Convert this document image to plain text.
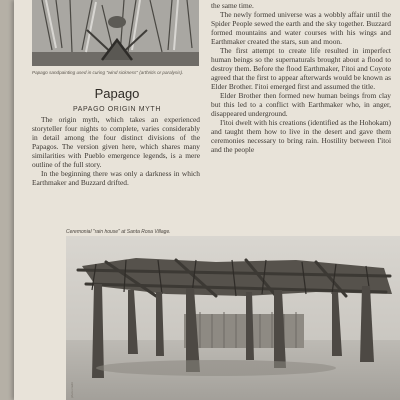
Papago sandpainting used in curing "wind sickness" (arthritis or paralysis).
Papago
PAPAGO ORIGIN MYTH

The origin myth, which takes an experienced storyteller four nights to complete, varies considerably in detail among the four distinct divisions of the Papagos. The version given here, which shares many similarities with Pueblo emergence legends, is a mere outline of the full story.

In the beginning there was only a darkness in which Earthmaker and Buzzard drifted.

the same time.

The newly formed universe was a wobbly affair until the Spider People sewed the earth and the sky together. Buzzard formed mountains and water courses with his wings and Earthmaker created the stars, sun and moon.

The first attempt to create life resulted in imperfect human beings so the supernaturals brought about a flood to destroy them. Before the flood Earthmaker, I'itoi and Coyote agreed that the first to appear afterwards would be known as Elder Brother. I'itoi emerged first and assumed the title.

Elder Brother then formed new human beings from clay but this led to a conflict with Earthmaker who, in anger, disappeared underground.

I'itoi dwelt with his creations (identified as the Hohokam) and taught them how to live in the desert and gave them ceremonies necessary to bring rain. Hostility between I'itoi and the people

Ceremonial "rain house" at Santa Rosa Village.
photo credit
